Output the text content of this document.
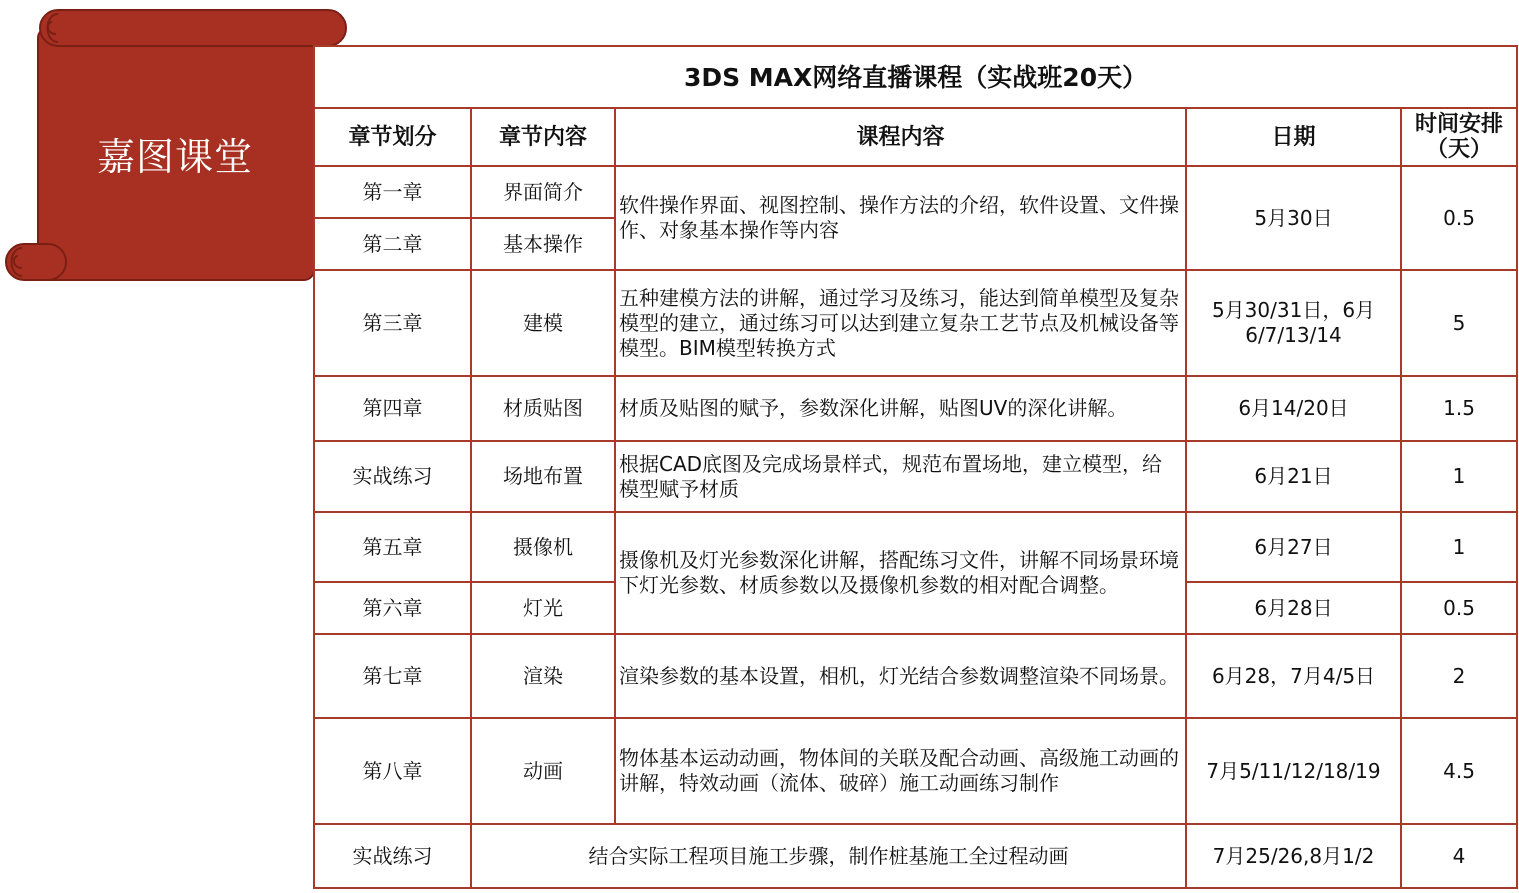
嘉图课堂
3DS MAX网络直播课程（实战班20天）				
章节划分	章节内容	课程内容	日期	时间安排（天）
第一章	界面简介	软件操作界面、视图控制、操作方法的介绍，软件设置、文件操作、对象基本操作等内容	5月30日	0.5
第二章	基本操作			
第三章	建模	五种建模方法的讲解，通过学习及练习，能达到简单模型及复杂模型的建立，通过练习可以达到建立复杂工艺节点及机械设备等模型。BIM模型转换方式	5月30/31日，6月6/7/13/14	5
第四章	材质贴图	材质及贴图的赋予，参数深化讲解，贴图UV的深化讲解。	6月14/20日	1.5
实战练习	场地布置	根据CAD底图及完成场景样式，规范布置场地，建立模型，给模型赋予材质	6月21日	1
第五章	摄像机	摄像机及灯光参数深化讲解，搭配练习文件，讲解不同场景环境下灯光参数、材质参数以及摄像机参数的相对配合调整。	6月27日	1
第六章	灯光		6月28日	0.5
第七章	渲染	渲染参数的基本设置，相机，灯光结合参数调整渲染不同场景。	6月28，7月4/5日	2
第八章	动画	物体基本运动动画，物体间的关联及配合动画、高级施工动画的讲解，特效动画（流体、破碎）施工动画练习制作	7月5/11/12/18/19	4.5
实战练习	结合实际工程项目施工步骤，制作桩基施工全过程动画		7月25/26,8月1/2	4
